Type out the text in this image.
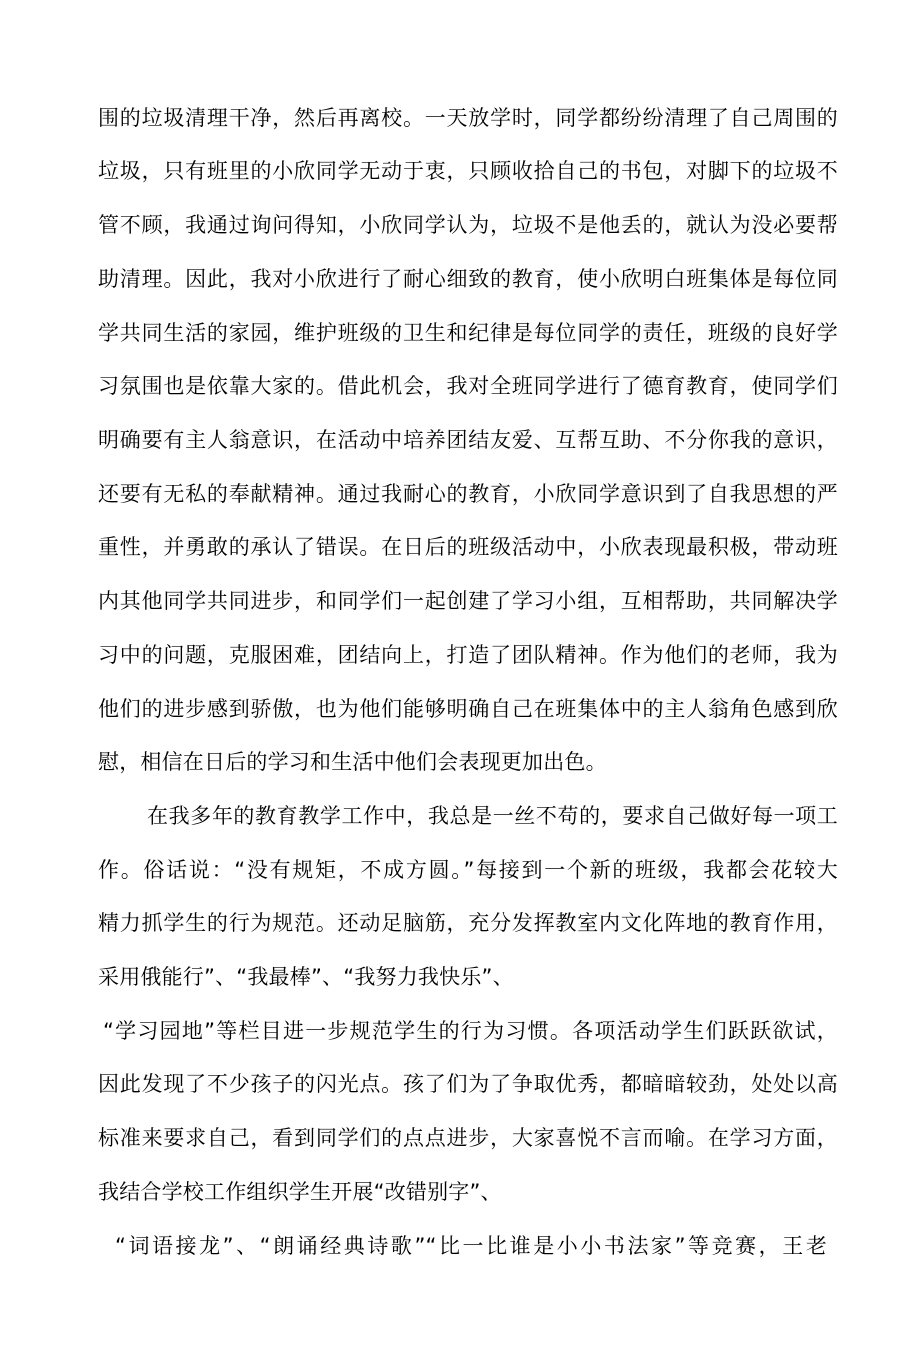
围的垃圾清理干净，然后再离校。一天放学时，同学都纷纷清理了自己周围的
垃圾，只有班里的小欣同学无动于衷，只顾收拾自己的书包，对脚下的垃圾不
管不顾，我通过询问得知，小欣同学认为，垃圾不是他丢的，就认为没必要帮
助清理。因此，我对小欣进行了耐心细致的教育，使小欣明白班集体是每位同
学共同生活的家园，维护班级的卫生和纪律是每位同学的责任，班级的良好学
习氛围也是依靠大家的。借此机会，我对全班同学进行了德育教育，使同学们
明确要有主人翁意识，在活动中培养团结友爱、互帮互助、不分你我的意识，
还要有无私的奉献精神。通过我耐心的教育，小欣同学意识到了自我思想的严
重性，并勇敢的承认了错误。在日后的班级活动中，小欣表现最积极，带动班
内其他同学共同进步，和同学们一起创建了学习小组，互相帮助，共同解决学
习中的问题，克服困难，团结向上，打造了团队精神。作为他们的老师，我为
他们的进步感到骄傲，也为他们能够明确自己在班集体中的主人翁角色感到欣
慰，相信在日后的学习和生活中他们会表现更加出色。
在我多年的教育教学工作中，我总是一丝不苟的，要求自己做好每一项工
作。俗话说：“没有规矩，不成方圆。”每接到一个新的班级，我都会花较大
精力抓学生的行为规范。还动足脑筋，充分发挥教室内文化阵地的教育作用，
采用俄能行”、“我最棒”、“我努力我快乐”、
“学习园地”等栏目进一步规范学生的行为习惯。各项活动学生们跃跃欲试，
因此发现了不少孩子的闪光点。孩了们为了争取优秀，都暗暗较劲，处处以高
标准来要求自己，看到同学们的点点进步，大家喜悦不言而喻。在学习方面，
我结合学校工作组织学生开展“改错别字”、
“词语接龙”、“朗诵经典诗歌”“比一比谁是小小书法家”等竞赛，王老
